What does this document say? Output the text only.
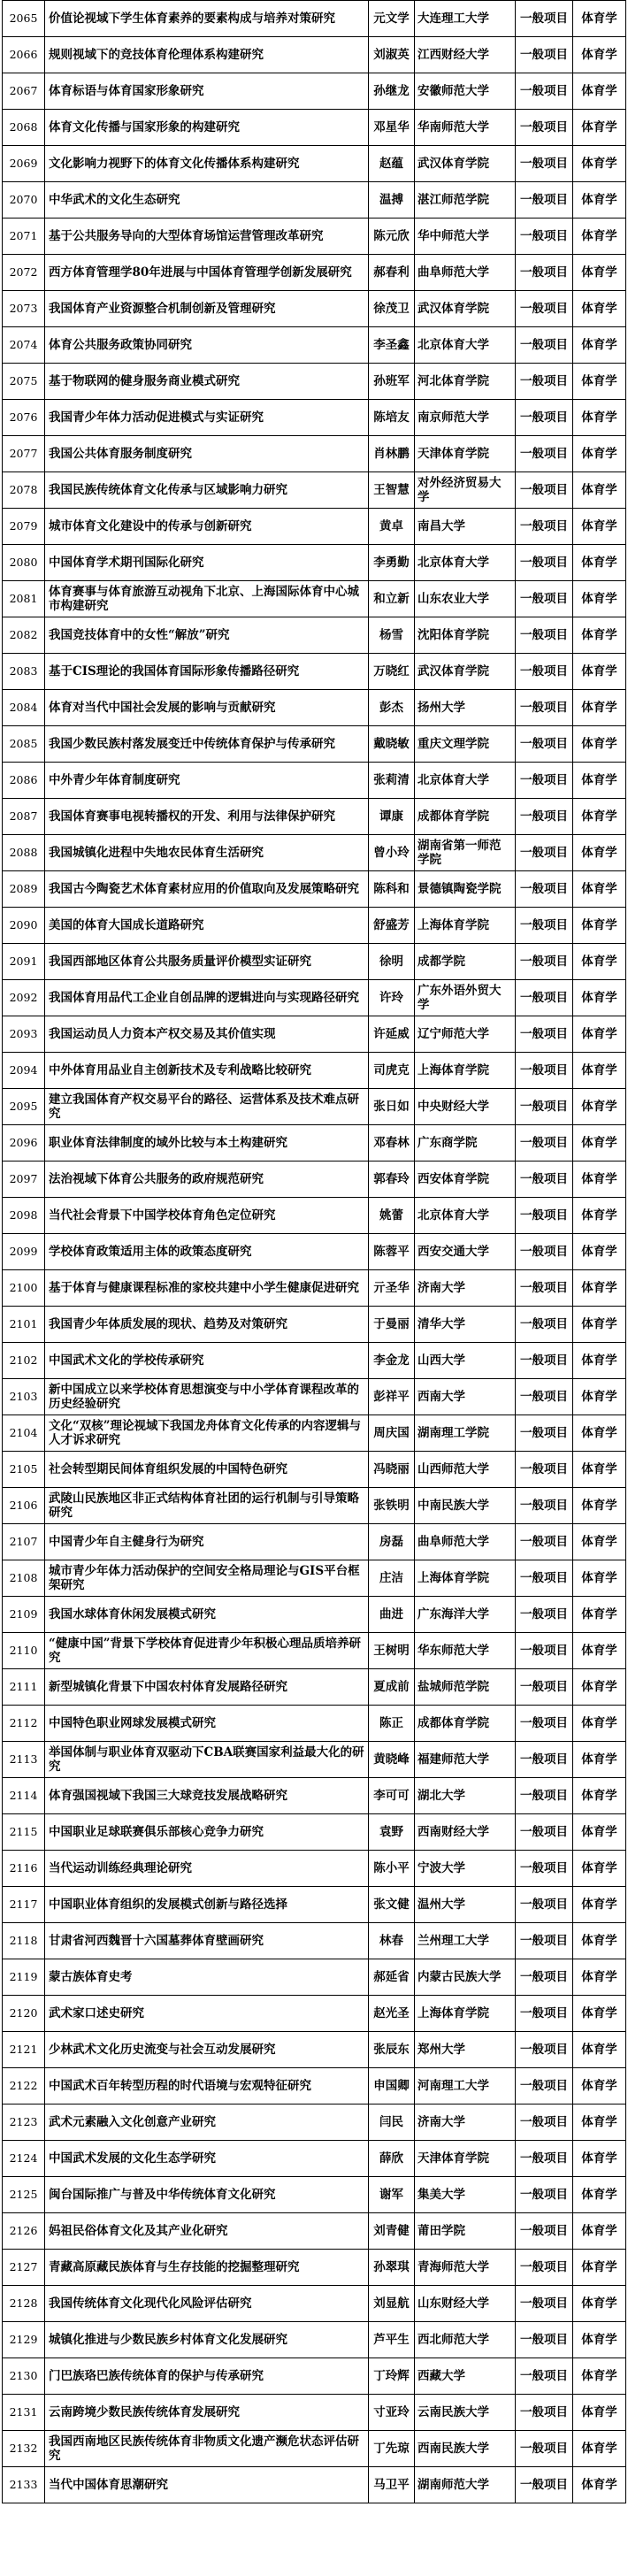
2065	价值论视域下学生体育素养的要素构成与培养对策研究	元文学	大连理工大学	一般项目	体育学
2066	规则视域下的竞技体育伦理体系构建研究	刘淑英	江西财经大学	一般项目	体育学
2067	体育标语与体育国家形象研究	孙继龙	安徽师范大学	一般项目	体育学
2068	体育文化传播与国家形象的构建研究	邓星华	华南师范大学	一般项目	体育学
2069	文化影响力视野下的体育文化传播体系构建研究	赵蕴	武汉体育学院	一般项目	体育学
2070	中华武术的文化生态研究	温搏	湛江师范学院	一般项目	体育学
2071	基于公共服务导向的大型体育场馆运营管理改革研究	陈元欣	华中师范大学	一般项目	体育学
2072	西方体育管理学80年进展与中国体育管理学创新发展研究	郝春利	曲阜师范大学	一般项目	体育学
2073	我国体育产业资源整合机制创新及管理研究	徐茂卫	武汉体育学院	一般项目	体育学
2074	体育公共服务政策协同研究	李圣鑫	北京体育大学	一般项目	体育学
2075	基于物联网的健身服务商业模式研究	孙班军	河北体育学院	一般项目	体育学
2076	我国青少年体力活动促进模式与实证研究	陈培友	南京师范大学	一般项目	体育学
2077	我国公共体育服务制度研究	肖林鹏	天津体育学院	一般项目	体育学
2078	我国民族传统体育文化传承与区域影响力研究	王智慧	对外经济贸易大学	一般项目	体育学
2079	城市体育文化建设中的传承与创新研究	黄卓	南昌大学	一般项目	体育学
2080	中国体育学术期刊国际化研究	李勇勤	北京体育大学	一般项目	体育学
2081	体育赛事与体育旅游互动视角下北京、上海国际体育中心城市构建研究	和立新	山东农业大学	一般项目	体育学
2082	我国竞技体育中的女性“解放”研究	杨雪	沈阳体育学院	一般项目	体育学
2083	基于CIS理论的我国体育国际形象传播路径研究	万晓红	武汉体育学院	一般项目	体育学
2084	体育对当代中国社会发展的影响与贡献研究	彭杰	扬州大学	一般项目	体育学
2085	我国少数民族村落发展变迁中传统体育保护与传承研究	戴晓敏	重庆文理学院	一般项目	体育学
2086	中外青少年体育制度研究	张莉清	北京体育大学	一般项目	体育学
2087	我国体育赛事电视转播权的开发、利用与法律保护研究	谭康	成都体育学院	一般项目	体育学
2088	我国城镇化进程中失地农民体育生活研究	曾小玲	湖南省第一师范学院	一般项目	体育学
2089	我国古今陶瓷艺术体育素材应用的价值取向及发展策略研究	陈科和	景德镇陶瓷学院	一般项目	体育学
2090	美国的体育大国成长道路研究	舒盛芳	上海体育学院	一般项目	体育学
2091	我国西部地区体育公共服务质量评价模型实证研究	徐明	成都学院	一般项目	体育学
2092	我国体育用品代工企业自创品牌的逻辑进向与实现路径研究	许玲	广东外语外贸大学	一般项目	体育学
2093	我国运动员人力资本产权交易及其价值实现	许延威	辽宁师范大学	一般项目	体育学
2094	中外体育用品业自主创新技术及专利战略比较研究	司虎克	上海体育学院	一般项目	体育学
2095	建立我国体育产权交易平台的路径、运营体系及技术难点研究	张日如	中央财经大学	一般项目	体育学
2096	职业体育法律制度的域外比较与本土构建研究	邓春林	广东商学院	一般项目	体育学
2097	法治视域下体育公共服务的政府规范研究	郭春玲	西安体育学院	一般项目	体育学
2098	当代社会背景下中国学校体育角色定位研究	姚蕾	北京体育大学	一般项目	体育学
2099	学校体育政策适用主体的政策态度研究	陈蓉平	西安交通大学	一般项目	体育学
2100	基于体育与健康课程标准的家校共建中小学生健康促进研究	亓圣华	济南大学	一般项目	体育学
2101	我国青少年体质发展的现状、趋势及对策研究	于曼丽	清华大学	一般项目	体育学
2102	中国武术文化的学校传承研究	李金龙	山西大学	一般项目	体育学
2103	新中国成立以来学校体育思想演变与中小学体育课程改革的历史经验研究	彭祥平	西南大学	一般项目	体育学
2104	文化“双核”理论视域下我国龙舟体育文化传承的内容逻辑与人才诉求研究	周庆国	湖南理工学院	一般项目	体育学
2105	社会转型期民间体育组织发展的中国特色研究	冯晓丽	山西师范大学	一般项目	体育学
2106	武陵山民族地区非正式结构体育社团的运行机制与引导策略研究	张铁明	中南民族大学	一般项目	体育学
2107	中国青少年自主健身行为研究	房磊	曲阜师范大学	一般项目	体育学
2108	城市青少年体力活动保护的空间安全格局理论与GIS平台框架研究	庄洁	上海体育学院	一般项目	体育学
2109	我国水球体育休闲发展模式研究	曲进	广东海洋大学	一般项目	体育学
2110	“健康中国”背景下学校体育促进青少年积极心理品质培养研究	王树明	华东师范大学	一般项目	体育学
2111	新型城镇化背景下中国农村体育发展路径研究	夏成前	盐城师范学院	一般项目	体育学
2112	中国特色职业网球发展模式研究	陈正	成都体育学院	一般项目	体育学
2113	举国体制与职业体育双驱动下CBA联赛国家利益最大化的研究	黄晓峰	福建师范大学	一般项目	体育学
2114	体育强国视域下我国三大球竞技发展战略研究	李可可	湖北大学	一般项目	体育学
2115	中国职业足球联赛俱乐部核心竞争力研究	袁野	西南财经大学	一般项目	体育学
2116	当代运动训练经典理论研究	陈小平	宁波大学	一般项目	体育学
2117	中国职业体育组织的发展模式创新与路径选择	张文健	温州大学	一般项目	体育学
2118	甘肃省河西魏晋十六国墓葬体育壁画研究	林春	兰州理工大学	一般项目	体育学
2119	蒙古族体育史考	郝延省	内蒙古民族大学	一般项目	体育学
2120	武术家口述史研究	赵光圣	上海体育学院	一般项目	体育学
2121	少林武术文化历史流变与社会互动发展研究	张辰东	郑州大学	一般项目	体育学
2122	中国武术百年转型历程的时代语境与宏观特征研究	申国卿	河南理工大学	一般项目	体育学
2123	武术元素融入文化创意产业研究	闫民	济南大学	一般项目	体育学
2124	中国武术发展的文化生态学研究	薛欣	天津体育学院	一般项目	体育学
2125	闽台国际推广与普及中华传统体育文化研究	谢军	集美大学	一般项目	体育学
2126	妈祖民俗体育文化及其产业化研究	刘青健	莆田学院	一般项目	体育学
2127	青藏高原藏民族体育与生存技能的挖掘整理研究	孙翠琪	青海师范大学	一般项目	体育学
2128	我国传统体育文化现代化风险评估研究	刘显航	山东财经大学	一般项目	体育学
2129	城镇化推进与少数民族乡村体育文化发展研究	芦平生	西北师范大学	一般项目	体育学
2130	门巴族珞巴族传统体育的保护与传承研究	丁玲辉	西藏大学	一般项目	体育学
2131	云南跨境少数民族传统体育发展研究	寸亚玲	云南民族大学	一般项目	体育学
2132	我国西南地区民族传统体育非物质文化遗产濒危状态评估研究	丁先琼	西南民族大学	一般项目	体育学
2133	当代中国体育思潮研究	马卫平	湖南师范大学	一般项目	体育学
